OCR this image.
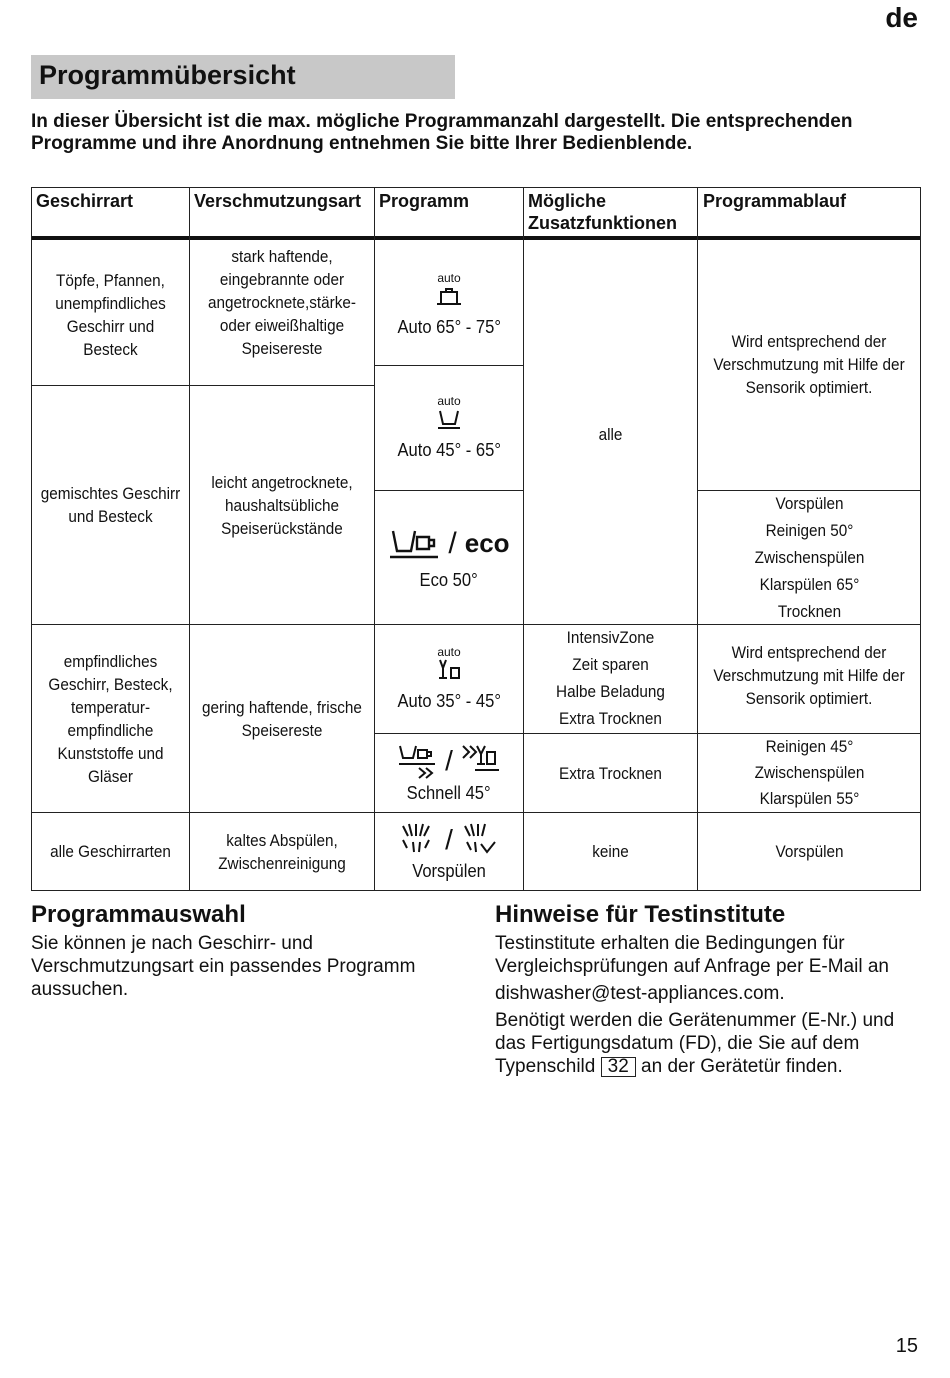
de
Programmübersicht
In dieser Übersicht ist die max. mögliche Programmanzahl dargestellt. Die entsprechenden Programme und ihre Anordnung entnehmen Sie bitte Ihrer Bedienblende.
Geschirrart	Verschmutzungsart Programm	Mögliche Zusatzfunktionen
Programmablauf
Töpfe, Pfannen, unempfindliches Geschirr und Besteck
gemischtes Geschirr und Besteck
empfindliches Geschirr, Besteck, temperatur-empfindliche Kunststoffe und Gläser
alle Geschirrarten
stark haftende, eingebrannte oder angetrocknete,stärke- oder eiweißhaltige Speisereste
leicht angetrocknete, haushaltsübliche Speiserückstände
gering haftende, frische Speisereste
kaltes Abspülen, Zwischenreinigung
auto
Auto 65° - 75°
auto
Auto 45° - 65°
/ eco
Eco 50°
auto
Auto 35° - 45°
/
Schnell 45°
/
Vorspülen
alle
IntensivZone
Zeit sparen
Halbe Beladung
Extra Trocknen
Extra Trocknen
keine
Wird entsprechend der Verschmutzung mit Hilfe der Sensorik optimiert.
Vorspülen
Reinigen 50°
Zwischenspülen
Klarspülen 65°
Trocknen
Wird entsprechend der Verschmutzung mit Hilfe der Sensorik optimiert.
Reinigen 45°
Zwischenspülen
Klarspülen 55°
Vorspülen
Programmauswahl

Sie können je nach Geschirr- und Verschmutzungsart ein passendes Programm aussuchen.

Hinweise für Testinstitute

Testinstitute erhalten die Bedingungen für Vergleichsprüfungen auf Anfrage per E-Mail an

dishwasher@test-appliances.com.

Benötigt werden die Gerätenummer (E-Nr.) und das Fertigungsdatum (FD), die Sie auf dem Typenschild 32 an der Gerätetür finden.

15
